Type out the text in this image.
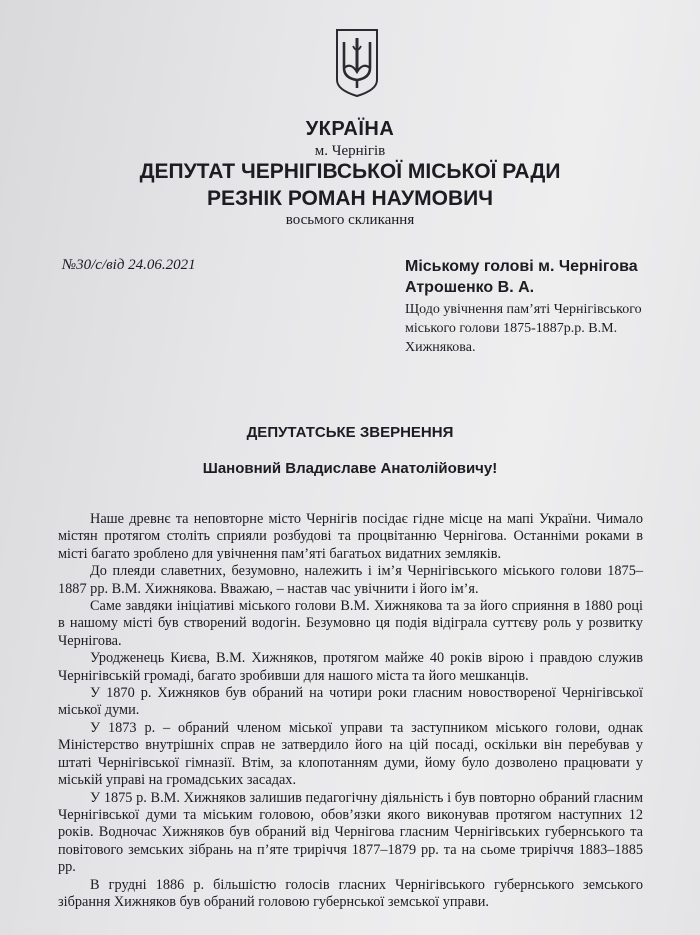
УКРАЇНА
м. Чернігів
ДЕПУТАТ ЧЕРНІГІВСЬКОЇ МІСЬКОЇ РАДИ
РЕЗНІК РОМАН НАУМОВИЧ
восьмого скликання
№30/с/від 24.06.2021	Міському голові м. Чернігова
Атрошенко В. А.
Щодо увічнення пам’яті Чернігівського міського голови 1875-1887р.р. В.М. Хижнякова.
ДЕПУТАТСЬКЕ ЗВЕРНЕННЯ
Шановний Владиславе Анатолійовичу!

Наше древнє та неповторне місто Чернігів посідає гідне місце на мапі України. Чимало містян протягом століть сприяли розбудові та процвітанню Чернігова. Останніми роками в місті багато зроблено для увічнення пам’яті багатьох видатних земляків.

До плеяди славетних, безумовно, належить і ім’я Чернігівського міського голови 1875–1887 рр. В.М. Хижнякова. Вважаю, – настав час увічнити і його ім’я.

Саме завдяки ініціативі міського голови В.М. Хижнякова та за його сприяння в 1880 році в нашому місті був створений водогін. Безумовно ця подія відіграла суттєву роль у розвитку Чернігова.

Уродженець Києва, В.М. Хижняков, протягом майже 40 років вірою і правдою служив Чернігівській громаді, багато зробивши для нашого міста та його мешканців.

У 1870 р. Хижняков був обраний на чотири роки гласним новоствореної Чернігівської міської думи.

У 1873 р. – обраний членом міської управи та заступником міського голови, однак Міністерство внутрішніх справ не затвердило його на цій посаді, оскільки він перебував у штаті Чернігівської гімназії. Втім, за клопотанням думи, йому було дозволено працювати у міській управі на громадських засадах.

У 1875 р. В.М. Хижняков залишив педагогічну діяльність і був повторно обраний гласним Чернігівської думи та міським головою, обов’язки якого виконував протягом наступних 12 років. Водночас Хижняков був обраний від Чернігова гласним Чернігівських губернського та повітового земських зібрань на п’яте триріччя 1877–1879 рр. та на сьоме триріччя 1883–1885 рр.

В грудні 1886 р. більшістю голосів гласних Чернігівського губернського земського зібрання Хижняков був обраний головою губернської земської управи.
